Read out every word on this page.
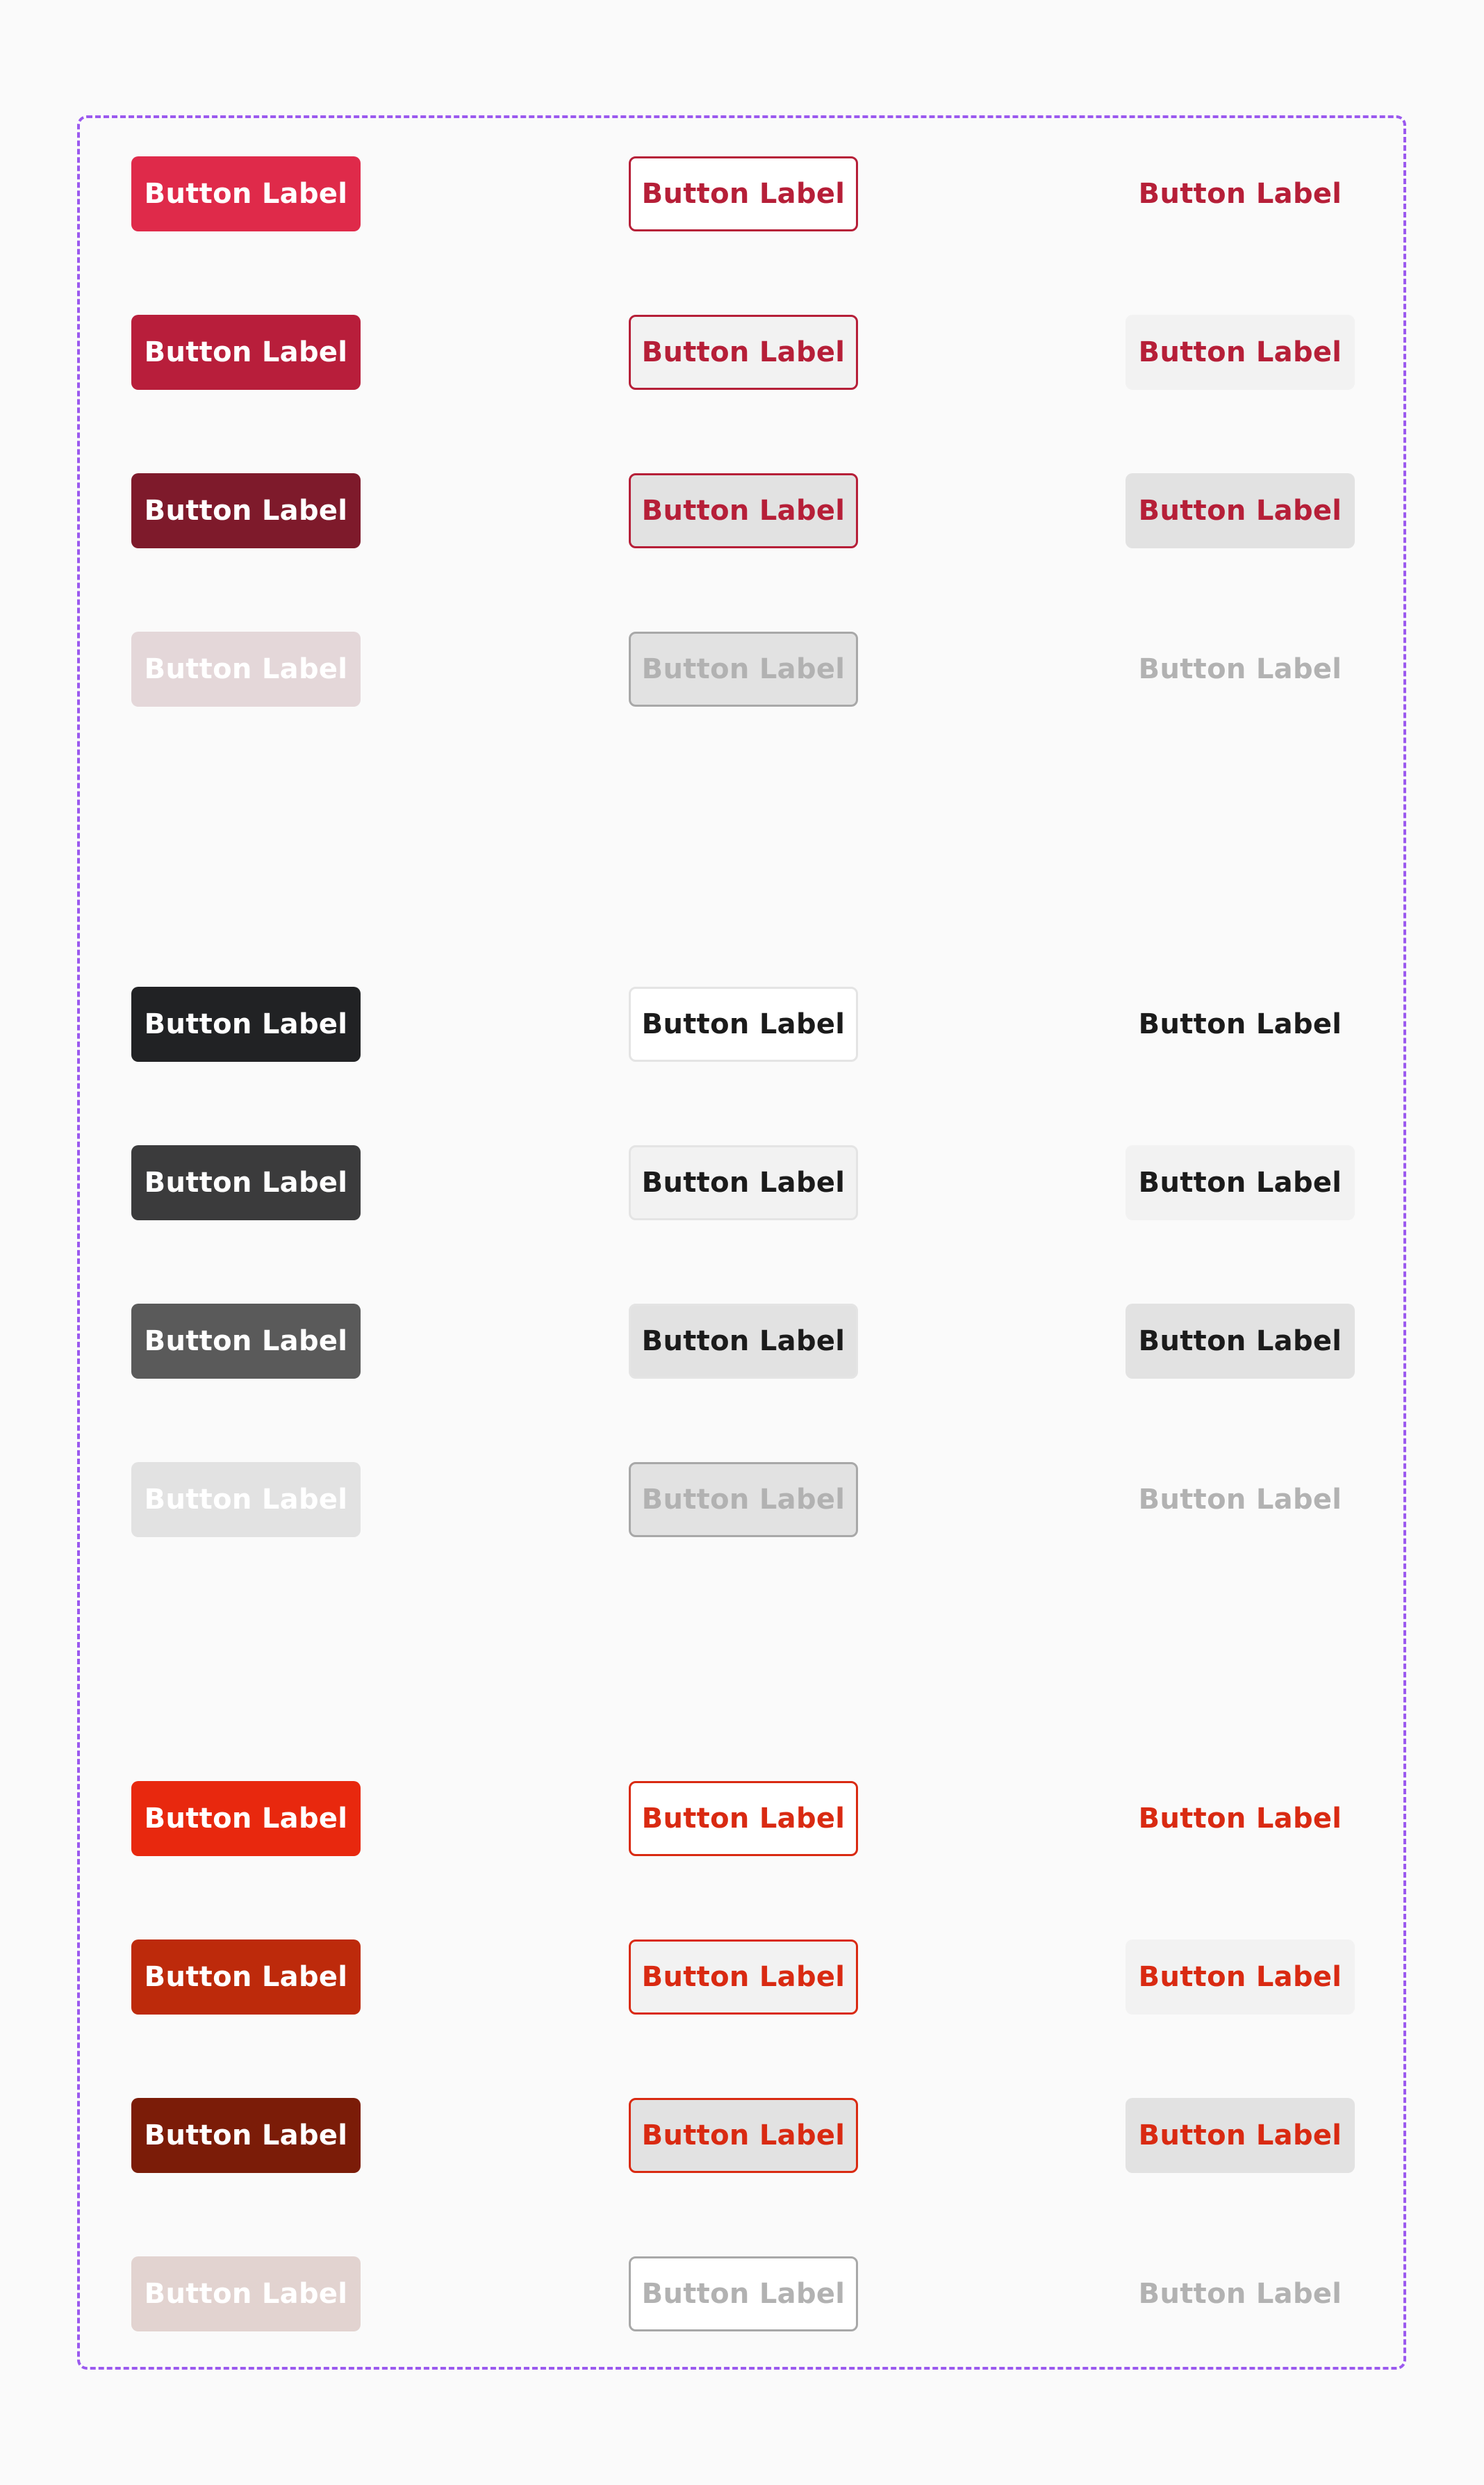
Button Label	Button Label	Button Label
Button Label	Button Label	Button Label
Button Label	Button Label	Button Label
Button Label	Button Label	Button Label
Button Label	Button Label	Button Label
Button Label	Button Label	Button Label
Button Label	Button Label	Button Label
Button Label	Button Label	Button Label
Button Label	Button Label	Button Label
Button Label	Button Label	Button Label
Button Label	Button Label	Button Label
Button Label	Button Label	Button Label
